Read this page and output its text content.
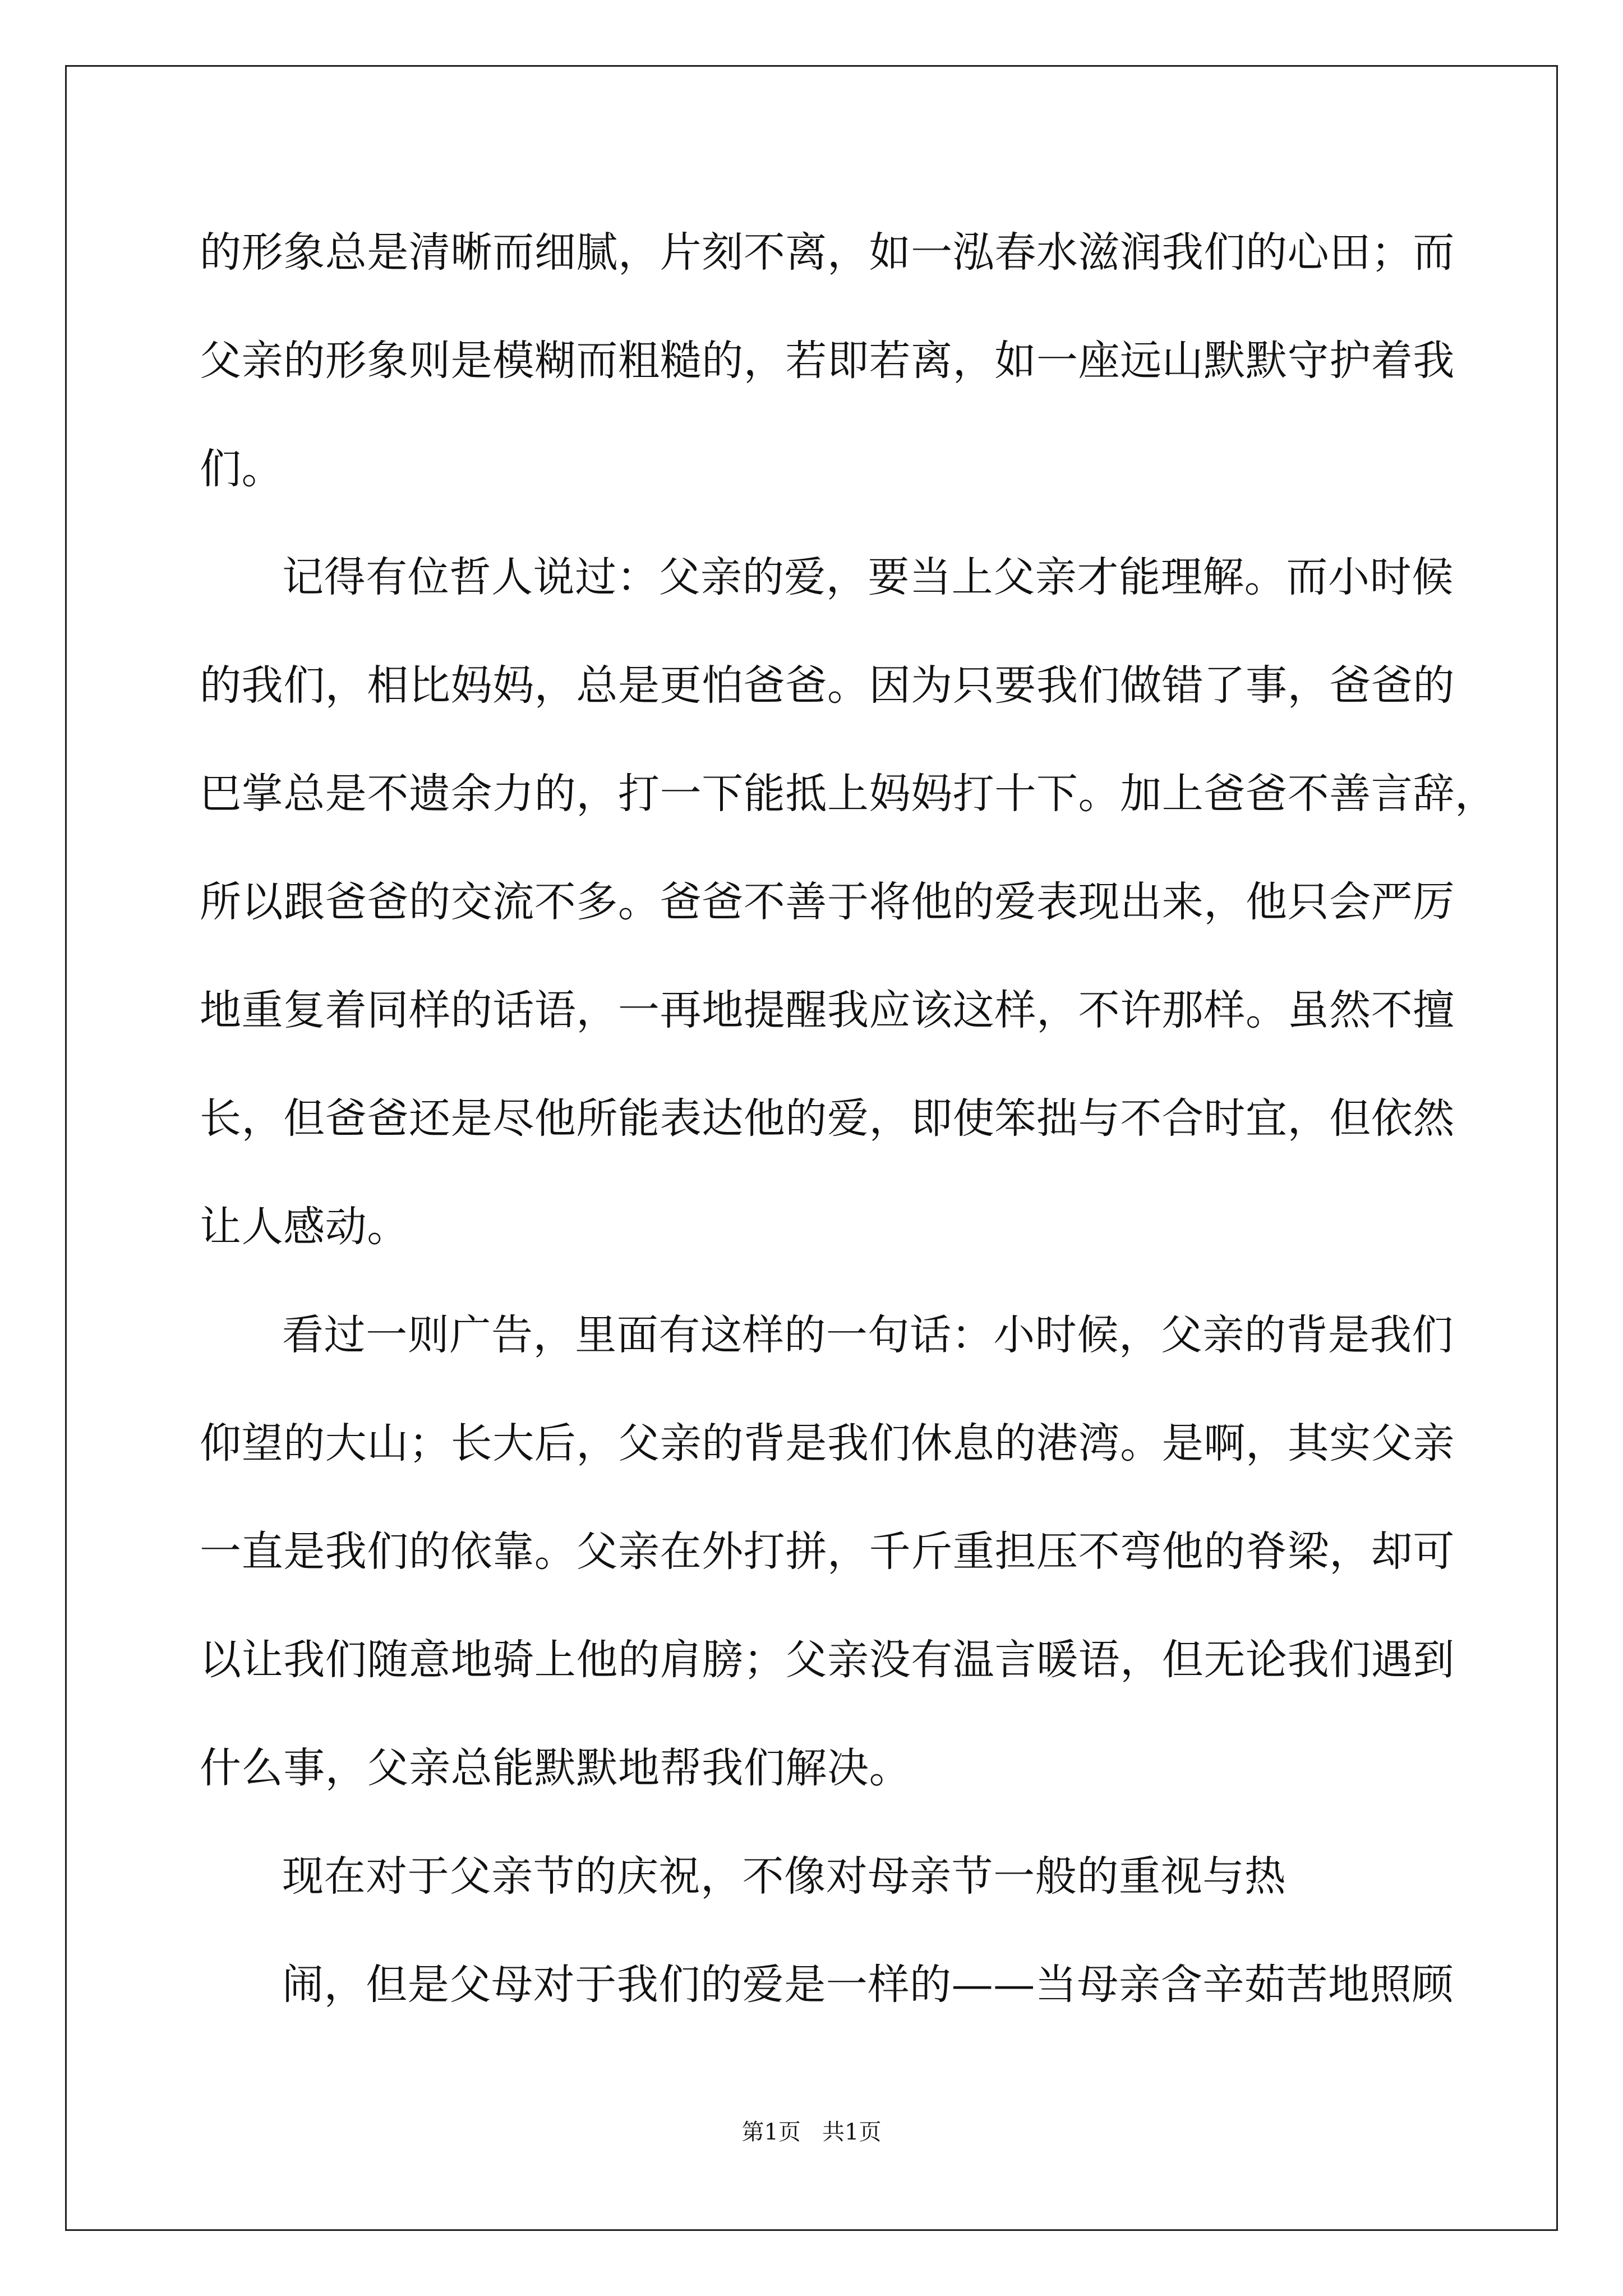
的形象总是清晰而细腻，片刻不离，如一泓春水滋润我们的心田；而
父亲的形象则是模糊而粗糙的，若即若离，如一座远山默默守护着我
们。
记得有位哲人说过：父亲的爱，要当上父亲才能理解。而小时候
的我们，相比妈妈，总是更怕爸爸。因为只要我们做错了事，爸爸的
巴掌总是不遗余力的，打一下能抵上妈妈打十下。加上爸爸不善言辞，
所以跟爸爸的交流不多。爸爸不善于将他的爱表现出来，他只会严厉
地重复着同样的话语，一再地提醒我应该这样，不许那样。虽然不擅
长，但爸爸还是尽他所能表达他的爱，即使笨拙与不合时宜，但依然
让人感动。
看过一则广告，里面有这样的一句话：小时候，父亲的背是我们
仰望的大山；长大后，父亲的背是我们休息的港湾。是啊，其实父亲
一直是我们的依靠。父亲在外打拼，千斤重担压不弯他的脊梁，却可
以让我们随意地骑上他的肩膀；父亲没有温言暖语，但无论我们遇到
什么事，父亲总能默默地帮我们解决。
现在对于父亲节的庆祝，不像对母亲节一般的重视与热
闹，但是父母对于我们的爱是一样的——当母亲含辛茹苦地照顾
第1页   共1页
